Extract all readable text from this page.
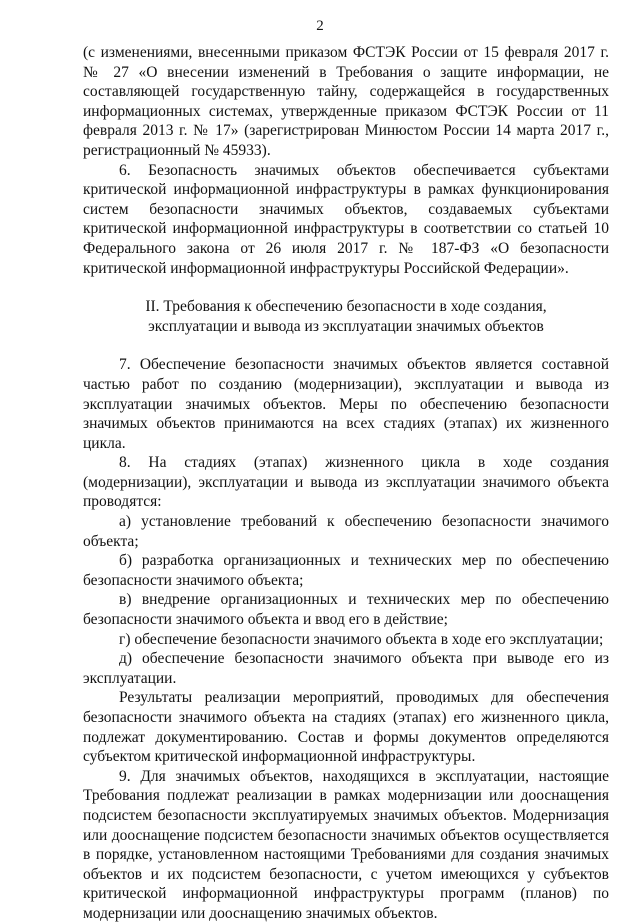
2

(с изменениями, внесенными приказом ФСТЭК России от 15 февраля 2017 г. № 27 «О внесении изменений в Требования о защите информации, не составляющей государственную тайну, содержащейся в государственных информационных системах, утвержденные приказом ФСТЭК России от 11 февраля 2013 г. № 17» (зарегистрирован Минюстом России 14 марта 2017 г., регистрационный № 45933).

6. Безопасность значимых объектов обеспечивается субъектами критической информационной инфраструктуры в рамках функционирования систем безопасности значимых объектов, создаваемых субъектами критической информационной инфраструктуры в соответствии со статьей 10 Федерального закона от 26 июля 2017 г. № 187-ФЗ «О безопасности критической информационной инфраструктуры Российской Федерации».

II. Требования к обеспечению безопасности в ходе создания,
эксплуатации и вывода из эксплуатации значимых объектов

7. Обеспечение безопасности значимых объектов является составной частью работ по созданию (модернизации), эксплуатации и вывода из эксплуатации значимых объектов. Меры по обеспечению безопасности значимых объектов принимаются на всех стадиях (этапах) их жизненного цикла.

8. На стадиях (этапах) жизненного цикла в ходе создания (модернизации), эксплуатации и вывода из эксплуатации значимого объекта проводятся:

а) установление требований к обеспечению безопасности значимого объекта;

б) разработка организационных и технических мер по обеспечению безопасности значимого объекта;

в) внедрение организационных и технических мер по обеспечению безопасности значимого объекта и ввод его в действие;

г) обеспечение безопасности значимого объекта в ходе его эксплуатации;

д) обеспечение безопасности значимого объекта при выводе его из эксплуатации.

Результаты реализации мероприятий, проводимых для обеспечения безопасности значимого объекта на стадиях (этапах) его жизненного цикла, подлежат документированию. Состав и формы документов определяются субъектом критической информационной инфраструктуры.

9. Для значимых объектов, находящихся в эксплуатации, настоящие Требования подлежат реализации в рамках модернизации или дооснащения подсистем безопасности эксплуатируемых значимых объектов. Модернизация или дооснащение подсистем безопасности значимых объектов осуществляется в порядке, установленном настоящими Требованиями для создания значимых объектов и их подсистем безопасности, с учетом имеющихся у субъектов критической информационной инфраструктуры программ (планов) по модернизации или дооснащению значимых объектов.
